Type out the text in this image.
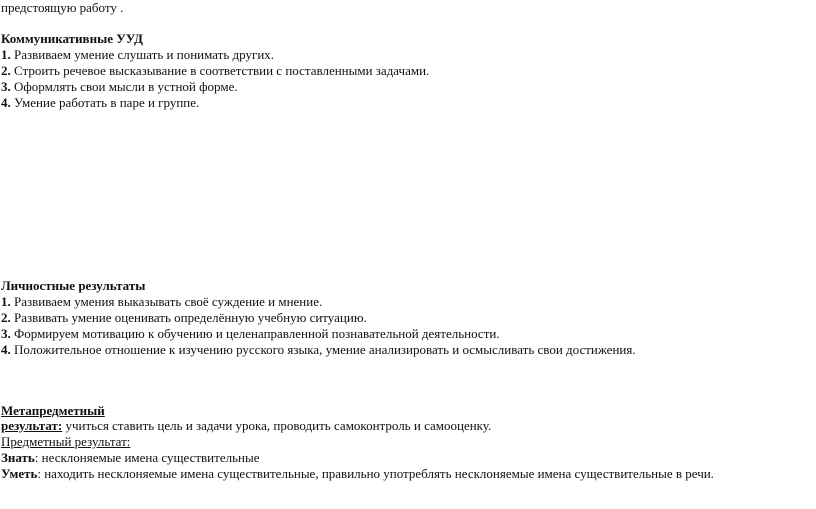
предстоящую работу .
Коммуникативные УУД
1. Развиваем умение слушать и понимать других.
2. Строить речевое высказывание в соответствии с поставленными задачами.
3. Оформлять свои мысли в устной форме.
4. Умение работать в паре и группе.
Личностные результаты
1. Развиваем умения выказывать своё суждение и мнение.
2. Развивать умение оценивать определённую учебную ситуацию.
3. Формируем мотивацию к обучению и целенаправленной познавательной деятельности.
4. Положительное отношение к изучению русского языка, умение анализировать и осмысливать свои достижения.
Метапредметный
результат: учиться ставить цель и задачи урока, проводить самоконтроль и самооценку.
Предметный результат:
Знать: несклоняемые имена существительные
Уметь: находить несклоняемые имена существительные, правильно употреблять несклоняемые имена существительные в речи.
